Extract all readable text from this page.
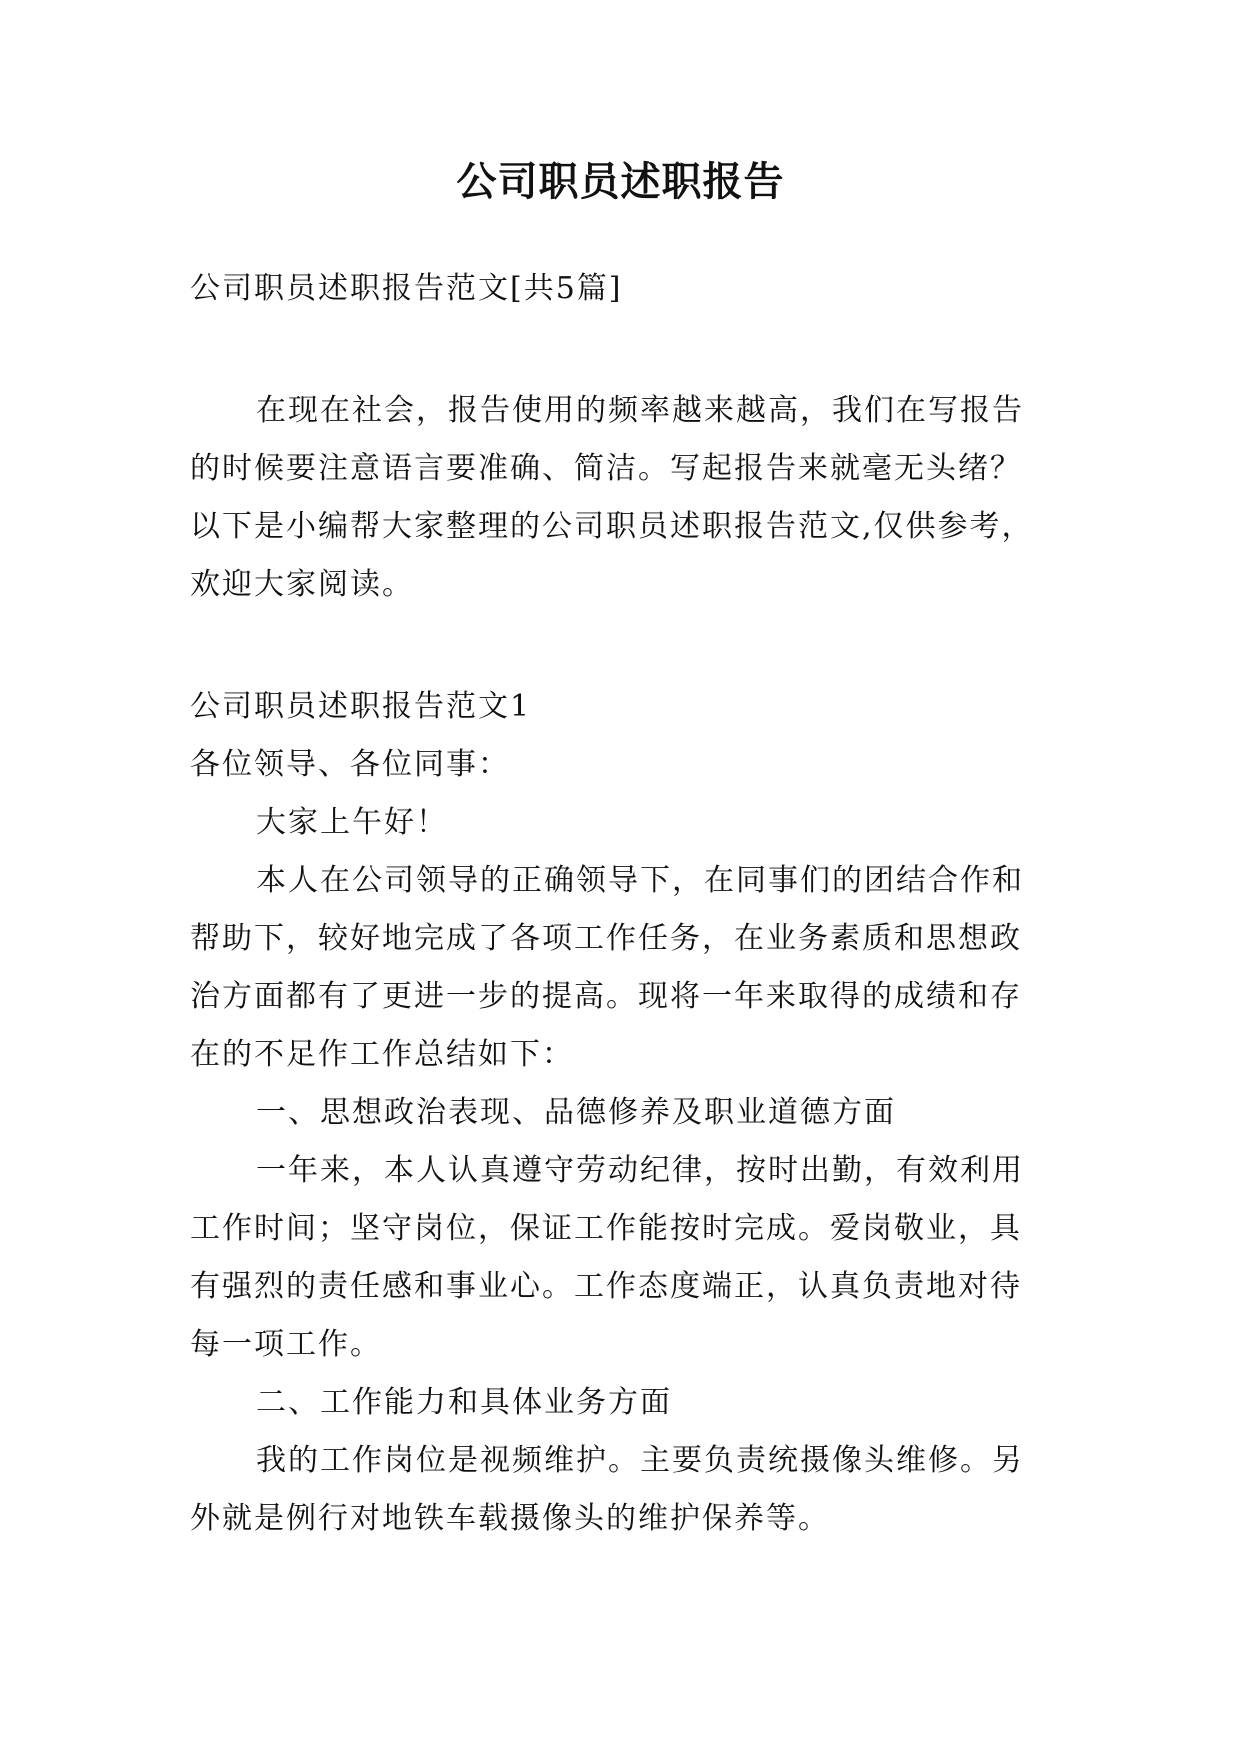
公司职员述职报告

公司职员述职报告范文[共5篇]

在现在社会，报告使用的频率越来越高，我们在写报告的时候要注意语言要准确、简洁。写起报告来就毫无头绪？以下是小编帮大家整理的公司职员述职报告范文,仅供参考，欢迎大家阅读。

公司职员述职报告范文1

各位领导、各位同事：

大家上午好！

本人在公司领导的正确领导下，在同事们的团结合作和帮助下，较好地完成了各项工作任务，在业务素质和思想政治方面都有了更进一步的提高。现将一年来取得的成绩和存在的不足作工作总结如下：

一、思想政治表现、品德修养及职业道德方面

一年来，本人认真遵守劳动纪律，按时出勤，有效利用工作时间；坚守岗位，保证工作能按时完成。爱岗敬业，具有强烈的责任感和事业心。工作态度端正，认真负责地对待每一项工作。

二、工作能力和具体业务方面

我的工作岗位是视频维护。主要负责统摄像头维修。另外就是例行对地铁车载摄像头的维护保养等。
